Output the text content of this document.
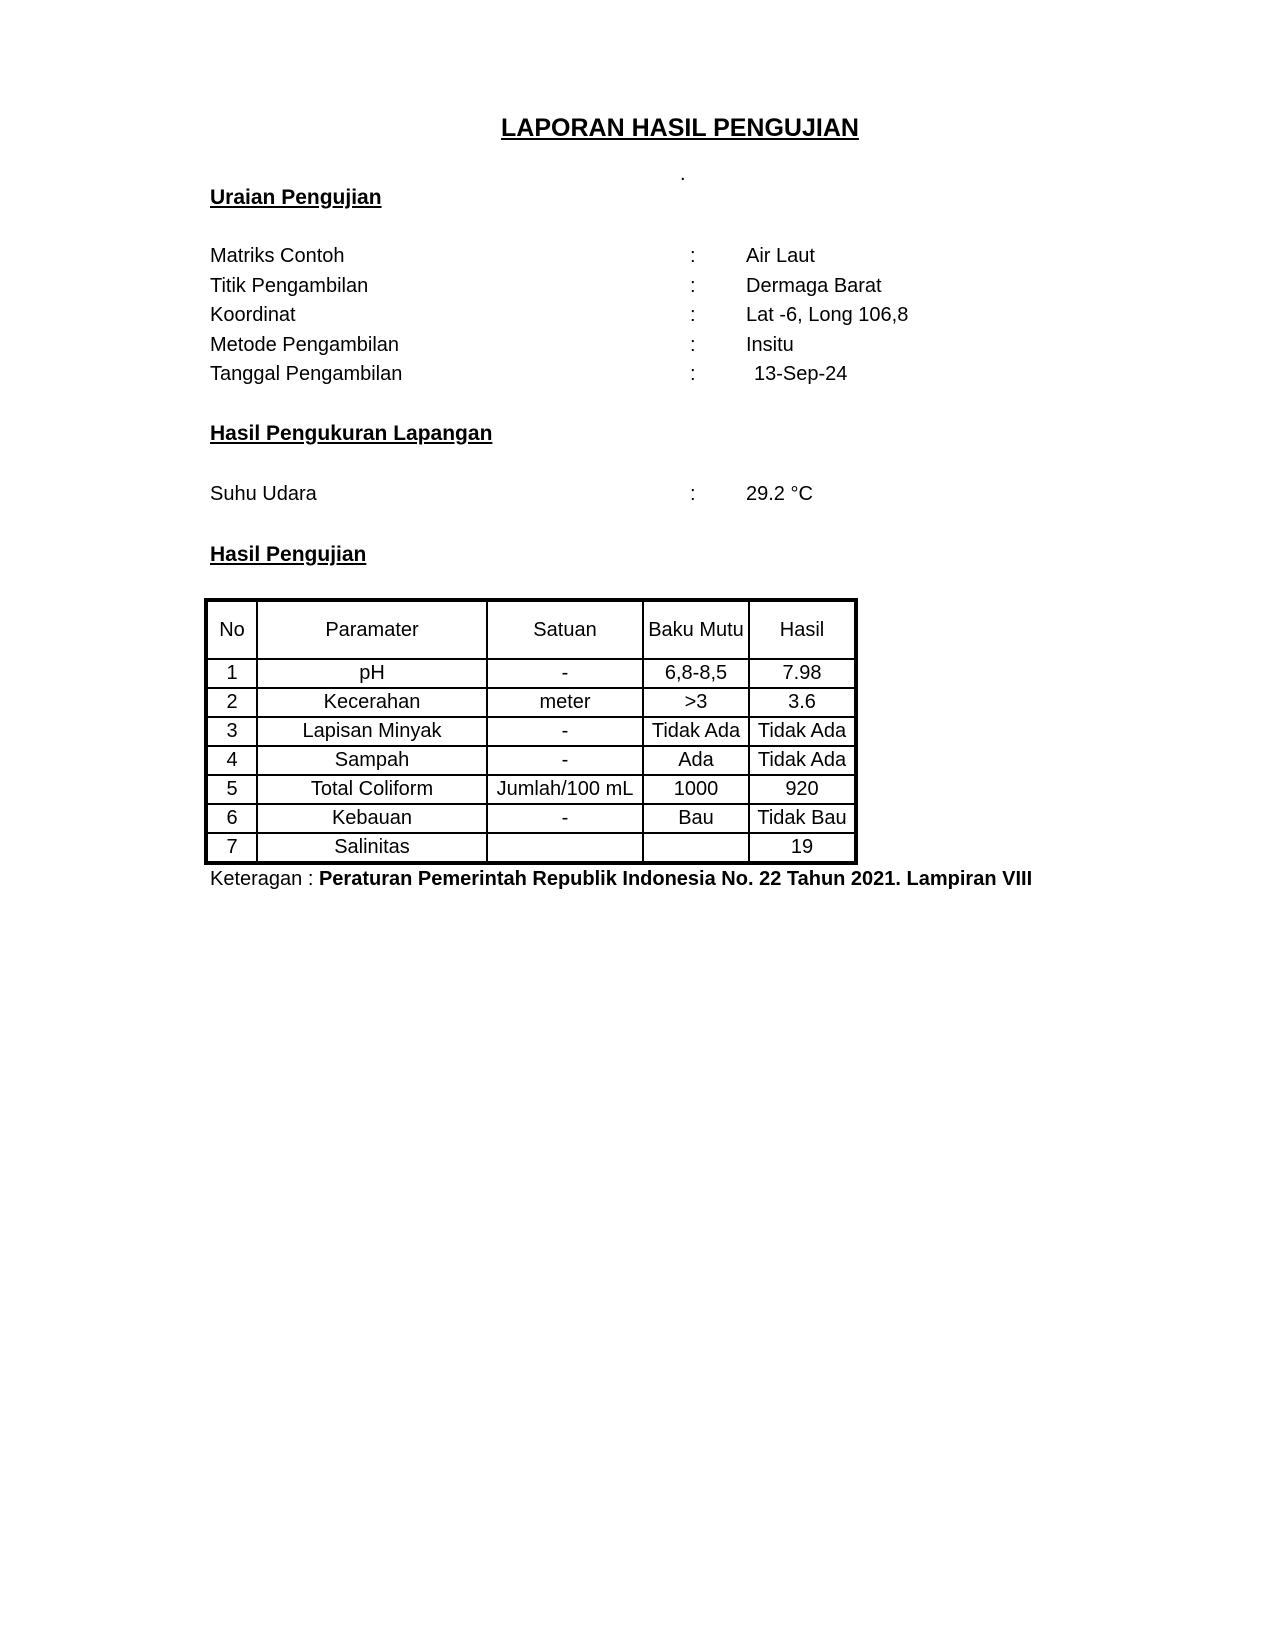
LAPORAN HASIL PENGUJIAN
.
Uraian Pengujian
Matriks Contoh	:	Air Laut
Titik Pengambilan	:	Dermaga Barat
Koordinat	:	Lat -6, Long 106,8
Metode Pengambilan	:	Insitu
Tanggal Pengambilan	:	13-Sep-24
Hasil Pengukuran Lapangan
Suhu Udara	:	29.2 °C
Hasil Pengujian
No	Paramater	Satuan	Baku Mutu	Hasil
1	pH	-	6,8-8,5	7.98
2	Kecerahan	meter	>3	3.6
3	Lapisan Minyak	-	Tidak Ada	Tidak Ada
4	Sampah	-	Ada	Tidak Ada
5	Total Coliform	Jumlah/100 mL	1000	920
6	Kebauan	-	Bau	Tidak Bau
7	Salinitas			19
Keteragan : Peraturan Pemerintah Republik Indonesia No. 22 Tahun 2021. Lampiran VIII
